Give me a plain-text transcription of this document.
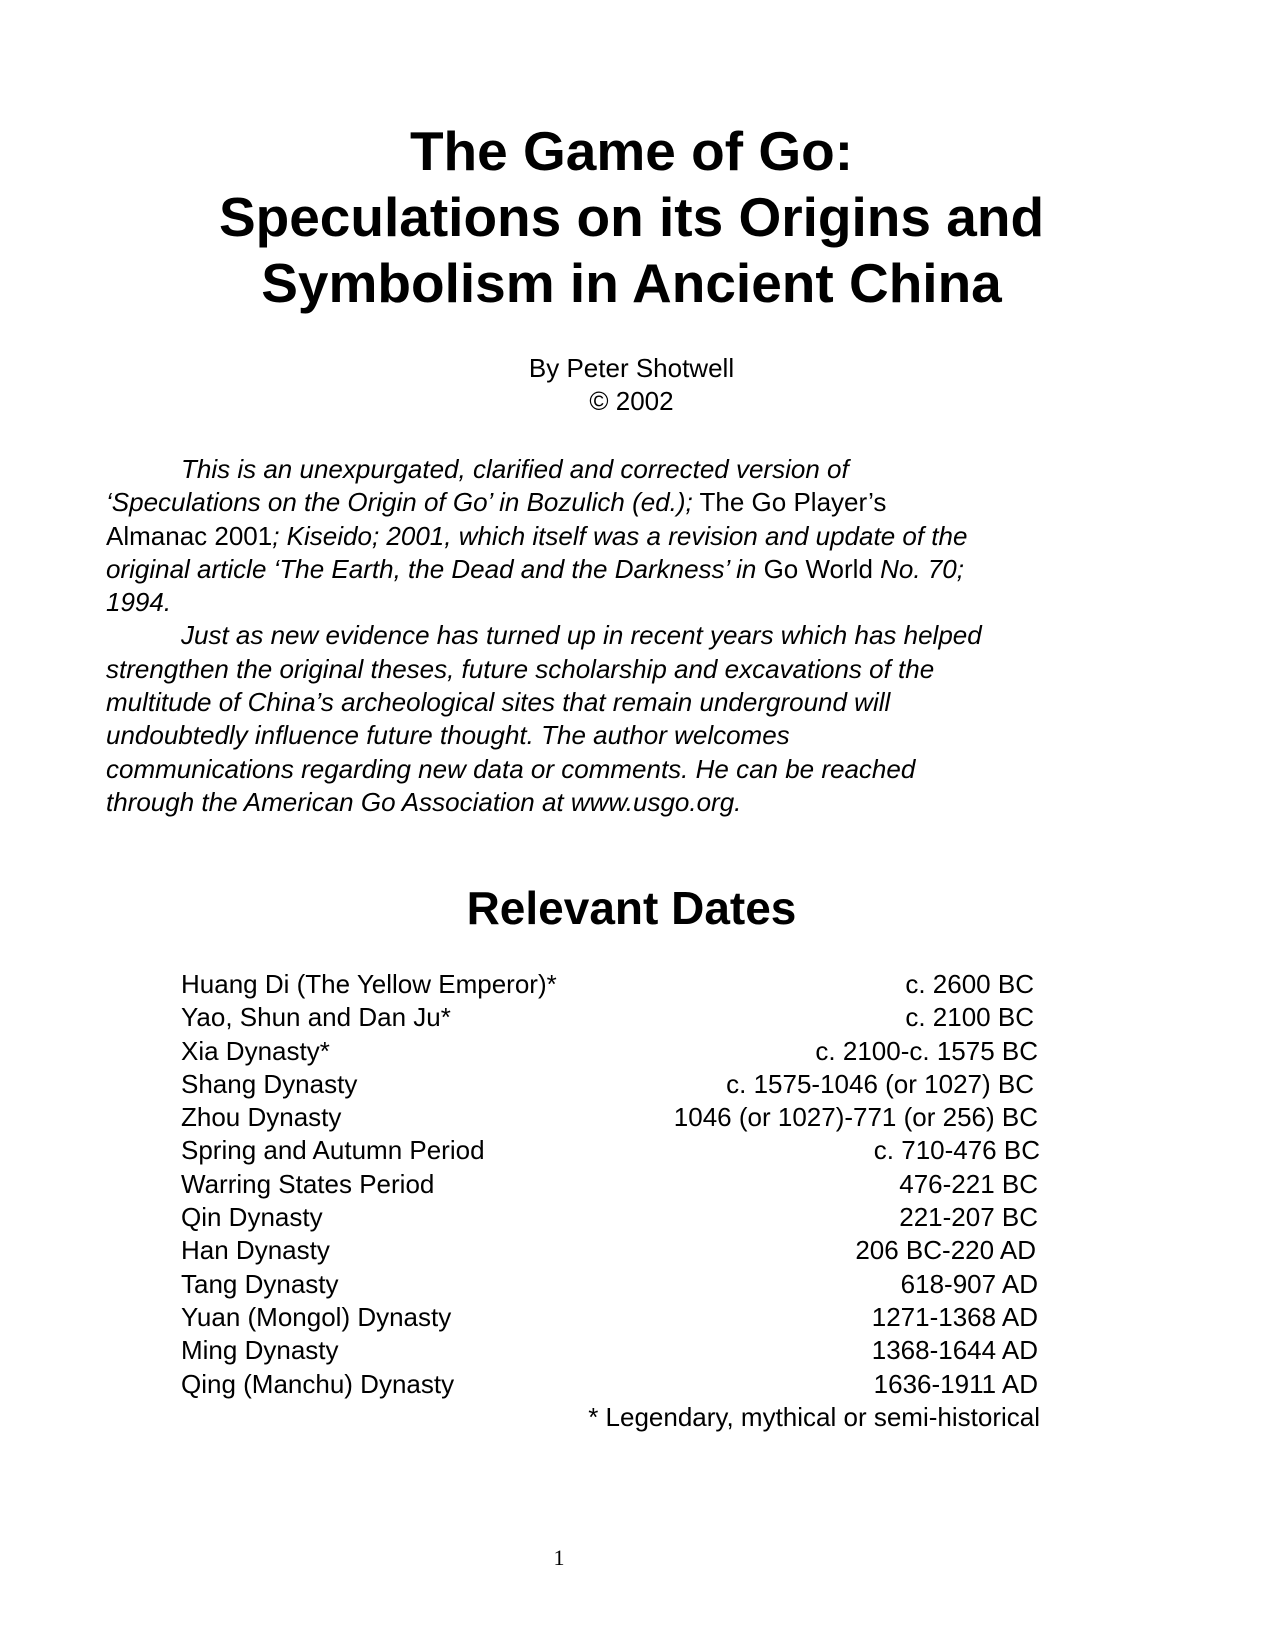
The Game of Go:
Speculations on its Origins and
Symbolism in Ancient China
By Peter Shotwell
© 2002
This is an unexpurgated, clarified and corrected version of
‘Speculations on the Origin of Go’ in Bozulich (ed.); The Go Player’s
Almanac 2001; Kiseido; 2001, which itself was a revision and update of the
original article ‘The Earth, the Dead and the Darkness’ in Go World No. 70;
1994.
Just as new evidence has turned up in recent years which has helped
strengthen the original theses, future scholarship and excavations of the
multitude of China’s archeological sites that remain underground will
undoubtedly influence future thought. The author welcomes
communications regarding new data or comments. He can be reached
through the American Go Association at www.usgo.org.
Relevant Dates
Huang Di (The Yellow Emperor)*	c. 2600 BC
Yao, Shun and Dan Ju*	c. 2100 BC
Xia Dynasty*	c. 2100-c. 1575 BC
Shang Dynasty	c. 1575-1046 (or 1027) BC
Zhou Dynasty	1046 (or 1027)-771 (or 256) BC
Spring and Autumn Period	c. 710-476 BC
Warring States Period	476-221 BC
Qin Dynasty	221-207 BC
Han Dynasty	206 BC-220 AD
Tang Dynasty	618-907 AD
Yuan (Mongol) Dynasty	1271-1368 AD
Ming Dynasty	1368-1644 AD
Qing (Manchu) Dynasty	1636-1911 AD
* Legendary, mythical or semi-historical
1
